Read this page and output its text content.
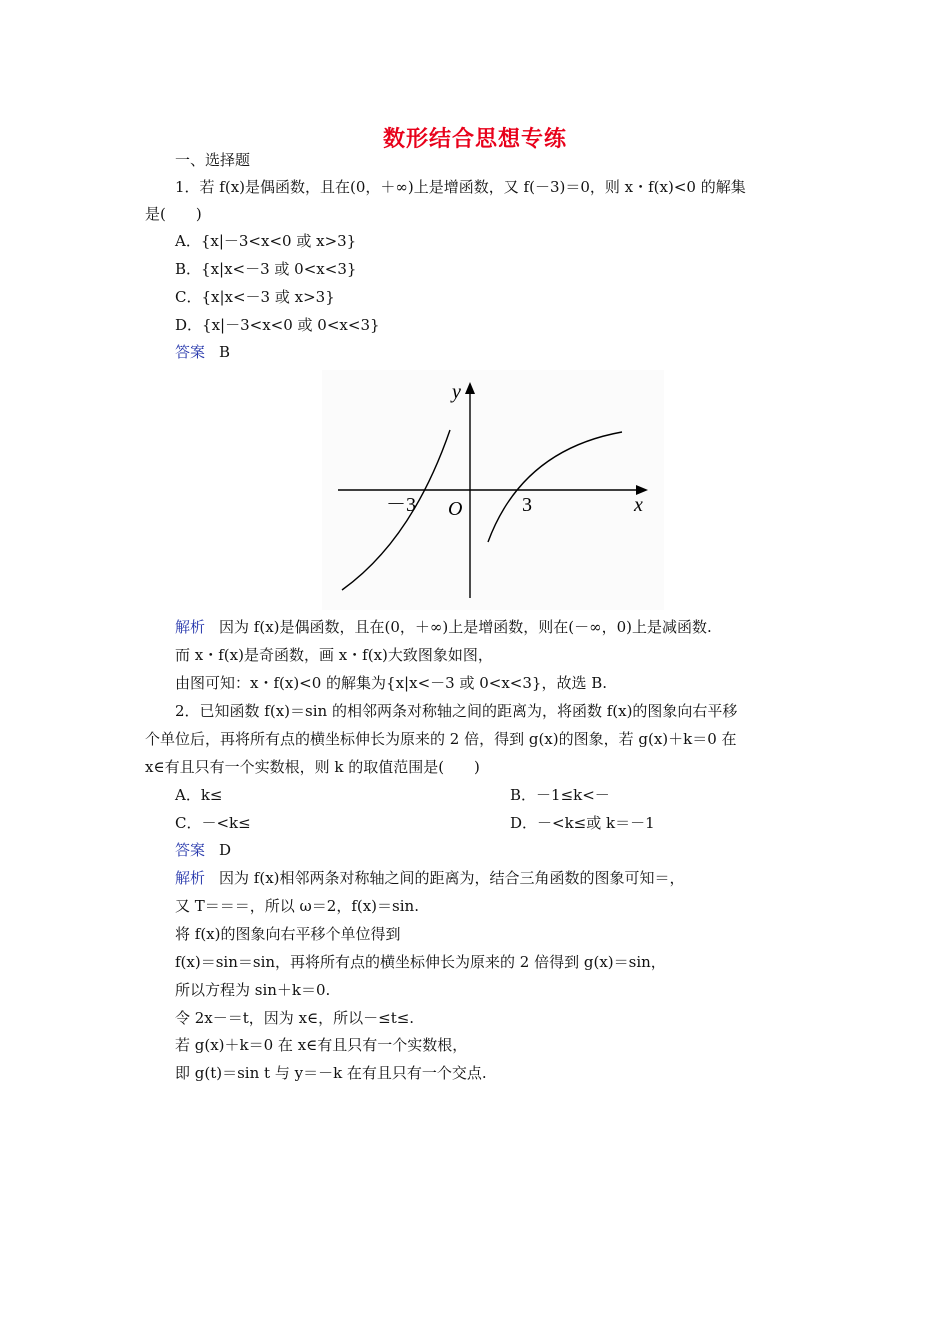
数形结合思想专练
一、选择题
1．若 f(x)是偶函数，且在(0，＋∞)上是增函数，又 f(－3)＝0，则 x・f(x)<0 的解集
是(　　)
A．{x|－3<x<0 或 x>3}
B．{x|x<－3 或 0<x<3}
C．{x|x<－3 或 x>3}
D．{x|－3<x<0 或 0<x<3}
答案 B
y
x
O
－3	3
解析 因为 f(x)是偶函数，且在(0，＋∞)上是增函数，则在(－∞，0)上是减函数.
而 x・f(x)是奇函数，画 x・f(x)大致图象如图，
由图可知：x・f(x)<0 的解集为{x|x<－3 或 0<x<3}，故选 B.
2．已知函数 f(x)＝sin 的相邻两条对称轴之间的距离为，将函数 f(x)的图象向右平移
个单位后，再将所有点的横坐标伸长为原来的 2 倍，得到 g(x)的图象，若 g(x)＋k＝0 在
x∈有且只有一个实数根，则 k 的取值范围是(　　)
A．k≤	B．－1≤k<－
C．－<k≤	D．－<k≤或 k＝－1
答案 D
解析 因为 f(x)相邻两条对称轴之间的距离为，结合三角函数的图象可知＝，
又 T＝＝＝，所以 ω＝2，f(x)＝sin.
将 f(x)的图象向右平移个单位得到
f(x)＝sin＝sin，再将所有点的横坐标伸长为原来的 2 倍得到 g(x)＝sin，
所以方程为 sin＋k＝0.
令 2x－＝t，因为 x∈，所以－≤t≤.
若 g(x)＋k＝0 在 x∈有且只有一个实数根，
即 g(t)＝sin t 与 y＝－k 在有且只有一个交点.
